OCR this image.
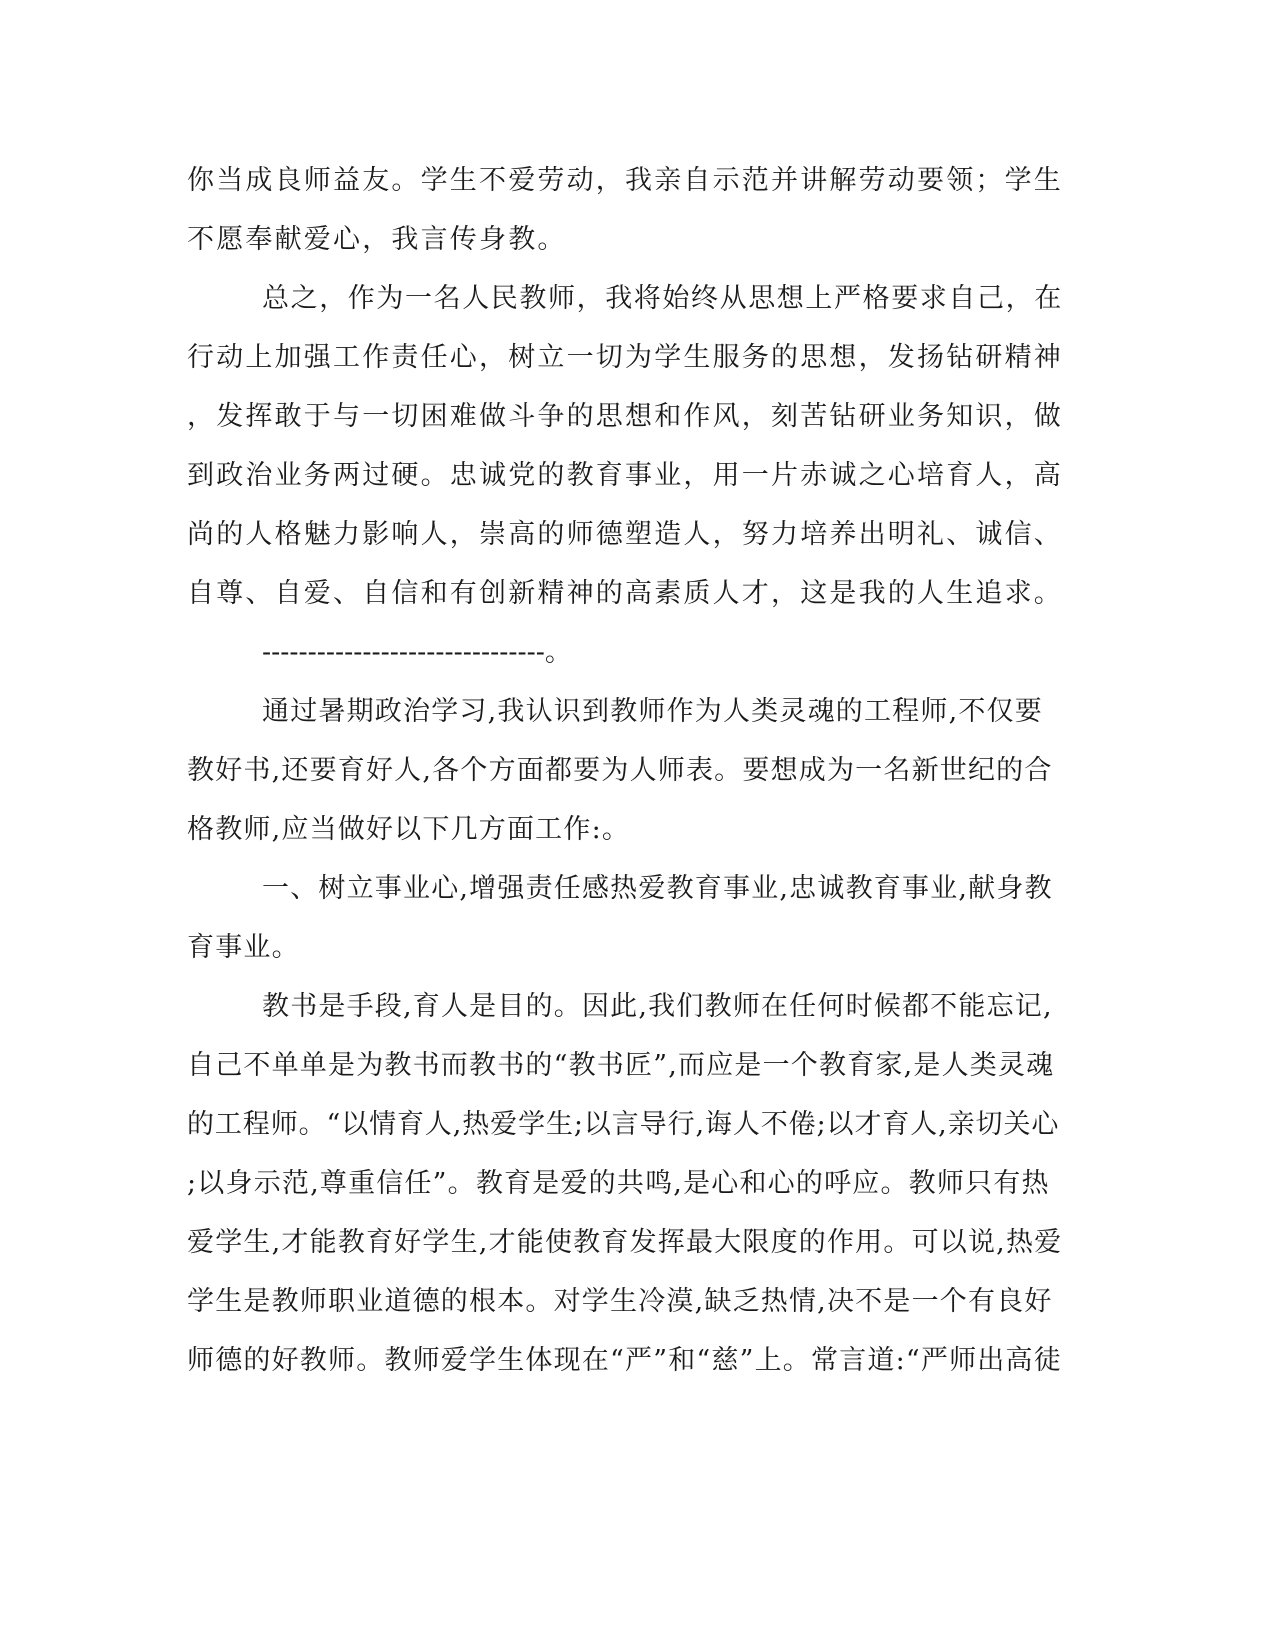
你当成良师益友。学生不爱劳动，我亲自示范并讲解劳动要领；学生
不愿奉献爱心，我言传身教。
总之，作为一名人民教师，我将始终从思想上严格要求自己，在
行动上加强工作责任心，树立一切为学生服务的思想，发扬钻研精神
，发挥敢于与一切困难做斗争的思想和作风，刻苦钻研业务知识，做
到政治业务两过硬。忠诚党的教育事业，用一片赤诚之心培育人，高
尚的人格魅力影响人，崇高的师德塑造人，努力培养出明礼、诚信、
自尊、自爱、自信和有创新精神的高素质人才，这是我的人生追求。
-------------------------------。
通过暑期政治学习,我认识到教师作为人类灵魂的工程师,不仅要
教好书,还要育好人,各个方面都要为人师表。要想成为一名新世纪的合
格教师,应当做好以下几方面工作:。
一、树立事业心,增强责任感热爱教育事业,忠诚教育事业,献身教
育事业。
教书是手段,育人是目的。因此,我们教师在任何时候都不能忘记,
自己不单单是为教书而教书的“教书匠”,而应是一个教育家,是人类灵魂
的工程师。“以情育人,热爱学生;以言导行,诲人不倦;以才育人,亲切关心
;以身示范,尊重信任”。教育是爱的共鸣,是心和心的呼应。教师只有热
爱学生,才能教育好学生,才能使教育发挥最大限度的作用。可以说,热爱
学生是教师职业道德的根本。对学生冷漠,缺乏热情,决不是一个有良好
师德的好教师。教师爱学生体现在“严”和“慈”上。常言道:“严师出高徒
